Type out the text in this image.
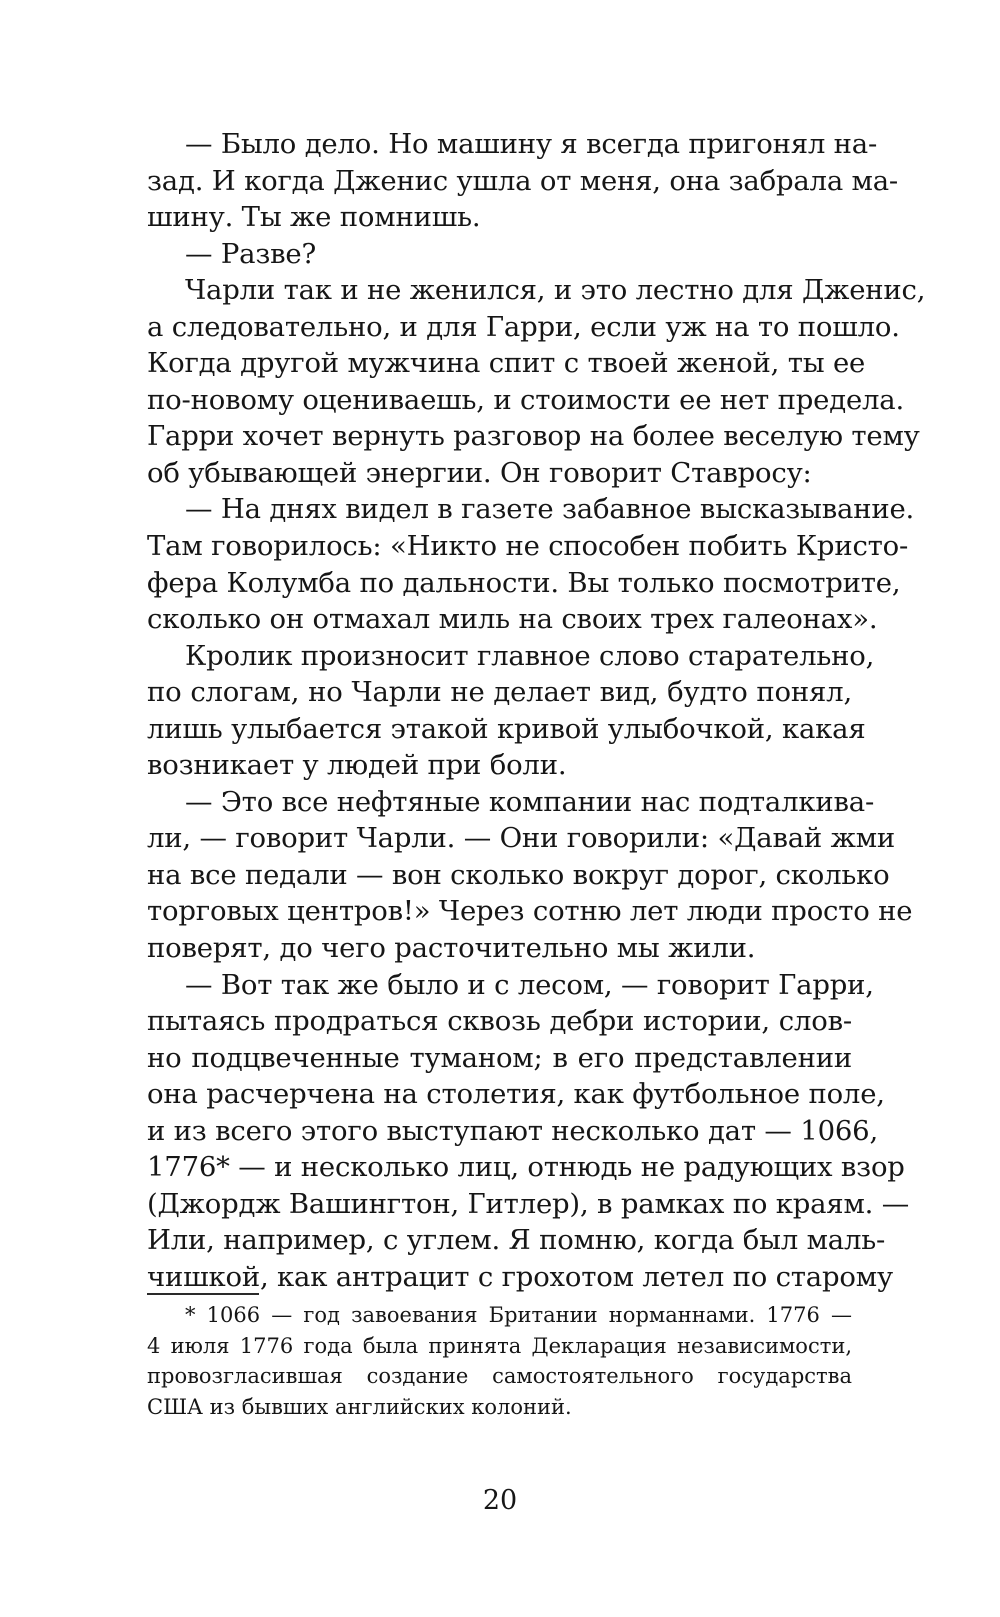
— Было дело. Но машину я всегда пригонял на-
зад. И когда Дженис ушла от меня, она забрала ма-
шину. Ты же помнишь.
— Разве?
Чарли так и не женился, и это лестно для Дженис,
а следовательно, и для Гарри, если уж на то пошло.
Когда другой мужчина спит с твоей женой, ты ее
по-новому оцениваешь, и стоимости ее нет предела.
Гарри хочет вернуть разговор на более веселую тему
об убывающей энергии. Он говорит Ставросу:
— На днях видел в газете забавное высказывание.
Там говорилось: «Никто не способен побить Кристо-
фера Колумба по дальности. Вы только посмотрите,
сколько он отмахал миль на своих трех галеонах».
Кролик произносит главное слово старательно,
по слогам, но Чарли не делает вид, будто понял,
лишь улыбается этакой кривой улыбочкой, какая
возникает у людей при боли.
— Это все нефтяные компании нас подталкива-
ли, — говорит Чарли. — Они говорили: «Давай жми
на все педали — вон сколько вокруг дорог, сколько
торговых центров!» Через сотню лет люди просто не
поверят, до чего расточительно мы жили.
— Вот так же было и с лесом, — говорит Гарри,
пытаясь продраться сквозь дебри истории, слов-
но подцвеченные туманом; в его представлении
она расчерчена на столетия, как футбольное поле,
и из всего этого выступают несколько дат — 1066,
1776* — и несколько лиц, отнюдь не радующих взор
(Джордж Вашингтон, Гитлер), в рамках по краям. —
Или, например, с углем. Я помню, когда был маль-
чишкой, как антрацит с грохотом летел по старому
* 1066 — год завоевания Британии норманнами. 1776 —
4 июля 1776 года была принята Декларация независимости,
провозгласившая создание самостоятельного государства
США из бывших английских колоний.
20
